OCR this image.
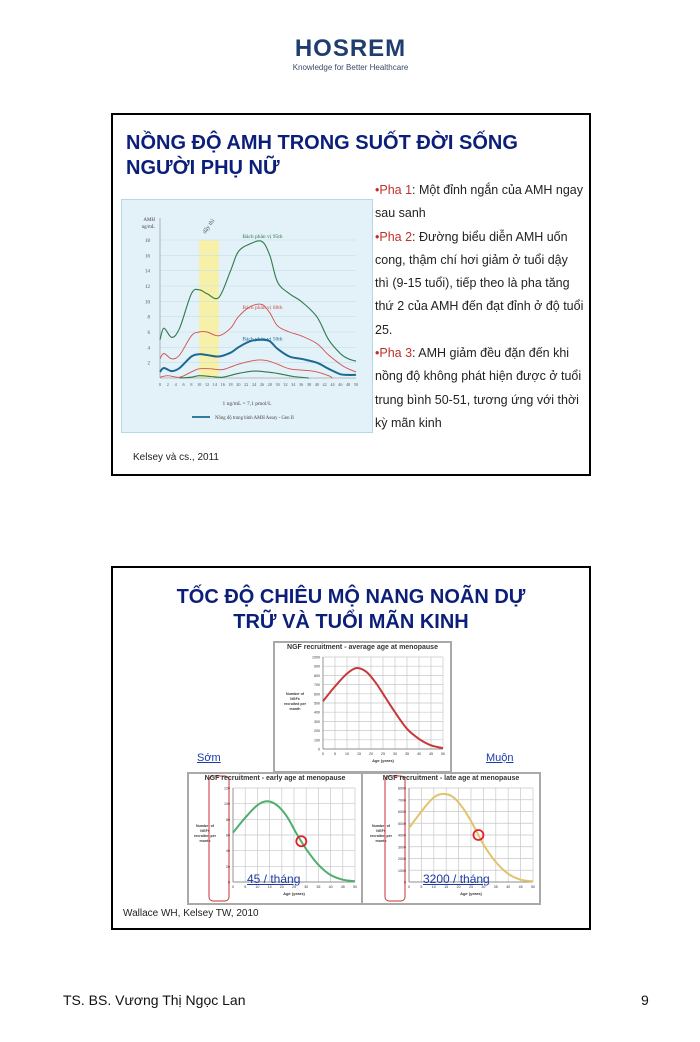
HOSREM
Knowledge for Better Healthcare
NỒNG ĐỘ AMH TRONG SUỐT ĐỜI SỐNG
NGƯỜI PHỤ NỮ
dậy thì
2
4
6
8
10
12
14
16
18
AMH
ng/mL
0 2 4 6 8 10 12 14 16 18 20 22 24 26 28 30 32 34 36 38 40 42 44 46 48 50
Bách phân vị 95th
Bách phân vị 68th
Bách phân vị 50th
1 ng/mL = 7,1 pmol/L
Nồng độ trung bình AMH Assay - Gen II
•Pha 1: Một đỉnh ngắn của AMH ngay sau sanh
•Pha 2: Đường biểu diễn AMH uốn cong, thậm chí hơi giảm ở tuổi dậy thì (9-15 tuổi), tiếp theo là pha tăng thứ 2 của AMH đến đạt đỉnh ở độ tuổi 25.
•Pha 3: AMH giảm đều đặn đến khi nồng độ không phát hiện được ở tuổi trung bình 50-51, tương ứng với thời kỳ mãn kinh
Kelsey và cs., 2011
TỐC ĐỘ CHIÊU MỘ NANG NOÃN DỰ
TRỮ VÀ TUỔI MÃN KINH
NGF recruitment - average age at menopause
0	5	10 15 20 25 30 35 40 45 50
0
100
200
300
400
500
600
700
800
900
1000
Age (years)
Number of
NGFs
recruited per
month
Sớm	Muộn
NGF recruitment - early age at menopause
0	5	10 15 20 25 30 35 40 45 50
0
20
40
60
80
100
120
Age (years)
Number of
NGFs
recruited per
month
45 / tháng
NGF recruitment - late age at menopause
0	5	10 15 20 25 30 35 40 45 50
0
1000
2000
3000
4000
5000
6000
7000
8000
Age (years)
Number of
NGFs
recruited per
month
3200 / tháng
Wallace WH, Kelsey TW, 2010
TS. BS. Vương Thị Ngọc Lan	9
